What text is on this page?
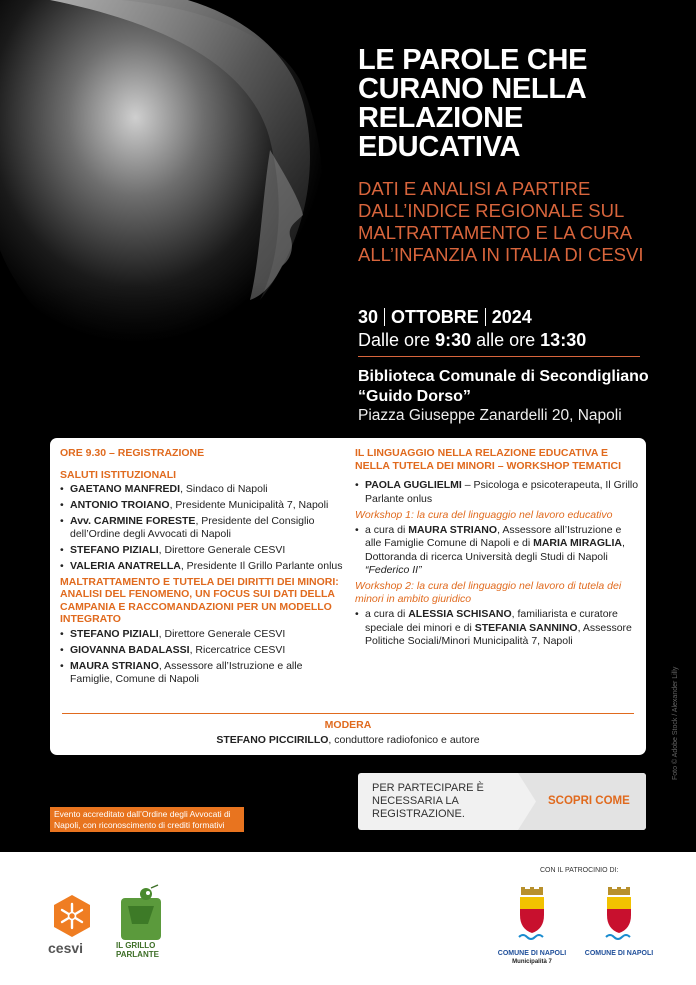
LE PAROLE CHE CURANO NELLA RELAZIONE EDUCATIVA

DATI E ANALISI A PARTIRE DALL’INDICE REGIONALE SUL MALTRATTAMENTO E LA CURA ALL’INFANZIA IN ITALIA DI CESVI

30 OTTOBRE 2024
Dalle ore 9:30 alle ore 13:30
Biblioteca Comunale di Secondigliano “Guido Dorso”
Piazza Giuseppe Zanardelli 20, Napoli
ORE 9.30 – REGISTRAZIONE
SALUTI ISTITUZIONALI
• GAETANO MANFREDI, Sindaco di Napoli
• ANTONIO TROIANO, Presidente Municipalità 7, Napoli
• Avv. CARMINE FORESTE, Presidente del Consiglio dell’Ordine degli Avvocati di Napoli
• STEFANO PIZIALI, Direttore Generale CESVI
• VALERIA ANATRELLA, Presidente Il Grillo Parlante onlus
MALTRATTAMENTO E TUTELA DEI DIRITTI DEI MINORI: ANALISI DEL FENOMENO, UN FOCUS SUI DATI DELLA CAMPANIA E RACCOMANDAZIONI PER UN MODELLO INTEGRATO
• STEFANO PIZIALI, Direttore Generale CESVI
• GIOVANNA BADALASSI, Ricercatrice CESVI
• MAURA STRIANO, Assessore all’Istruzione e alle Famiglie, Comune di Napoli
IL LINGUAGGIO NELLA RELAZIONE EDUCATIVA E NELLA TUTELA DEI MINORI – WORKSHOP TEMATICI
• PAOLA GUGLIELMI – Psicologa e psicoterapeuta, Il Grillo Parlante onlus
Workshop 1: la cura del linguaggio nel lavoro educativo
• a cura di MAURA STRIANO, Assessore all’Istruzione e alle Famiglie Comune di Napoli e di MARIA MIRAGLIA, Dottoranda di ricerca Università degli Studi di Napoli “Federico II”
Workshop 2: la cura del linguaggio nel lavoro di tutela dei minori in ambito giuridico
• a cura di ALESSIA SCHISANO, familiarista e curatore speciale dei minori e di STEFANIA SANNINO, Assessore Politiche Sociali/Minori Municipalità 7, Napoli
MODERA
STEFANO PICCIRILLO, conduttore radiofonico e autore
PER PARTECIPARE È NECESSARIA LA REGISTRAZIONE.
SCOPRI COME
Evento accreditato dall’Ordine degli Avvocati di Napoli, con riconoscimento di crediti formativi
Foto © Adobe Stock / Alexander Lilly
cesvi	IL GRILLO
PARLANTE
CON IL PATROCINIO DI:
COMUNE DI NAPOLI
Municipalità 7
COMUNE DI NAPOLI
